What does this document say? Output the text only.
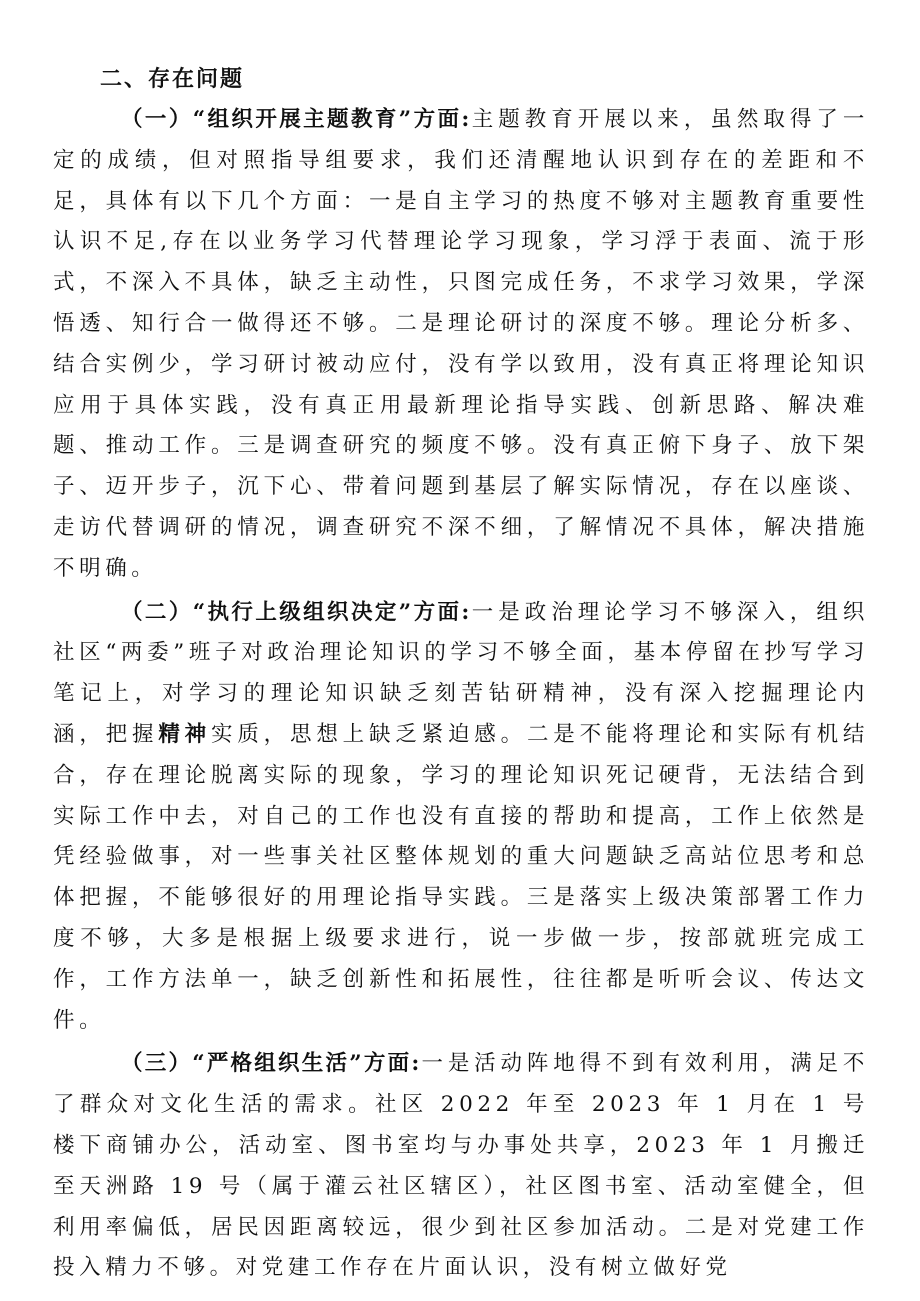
二、存在问题

（一）“组织开展主题教育”方面:主题教育开展以来，虽然取得了一定的成绩，但对照指导组要求，我们还清醒地认识到存在的差距和不足，具体有以下几个方面：一是自主学习的热度不够对主题教育重要性认识不足,存在以业务学习代替理论学习现象，学习浮于表面、流于形式，不深入不具体，缺乏主动性，只图完成任务，不求学习效果，学深悟透、知行合一做得还不够。二是理论研讨的深度不够。理论分析多、结合实例少，学习研讨被动应付，没有学以致用，没有真正将理论知识应用于具体实践，没有真正用最新理论指导实践、创新思路、解决难题、推动工作。三是调查研究的频度不够。没有真正俯下身子、放下架子、迈开步子，沉下心、带着问题到基层了解实际情况，存在以座谈、走访代替调研的情况，调查研究不深不细，了解情况不具体，解决措施不明确。

（二）“执行上级组织决定”方面:一是政治理论学习不够深入，组织社区“两委”班子对政治理论知识的学习不够全面，基本停留在抄写学习笔记上，对学习的理论知识缺乏刻苦钻研精神，没有深入挖掘理论内涵，把握精神实质，思想上缺乏紧迫感。二是不能将理论和实际有机结合，存在理论脱离实际的现象，学习的理论知识死记硬背，无法结合到实际工作中去，对自己的工作也没有直接的帮助和提高，工作上依然是凭经验做事，对一些事关社区整体规划的重大问题缺乏高站位思考和总体把握，不能够很好的用理论指导实践。三是落实上级决策部署工作力度不够，大多是根据上级要求进行，说一步做一步，按部就班完成工作，工作方法单一，缺乏创新性和拓展性，往往都是听听会议、传达文件。

（三）“严格组织生活”方面:一是活动阵地得不到有效利用，满足不了群众对文化生活的需求。社区 2022 年至 2023 年 1 月在 1 号楼下商铺办公，活动室、图书室均与办事处共享，2023 年 1 月搬迁至天洲路 19 号（属于灌云社区辖区），社区图书室、活动室健全，但利用率偏低，居民因距离较远，很少到社区参加活动。二是对党建工作投入精力不够。对党建工作存在片面认识，没有树立做好党
